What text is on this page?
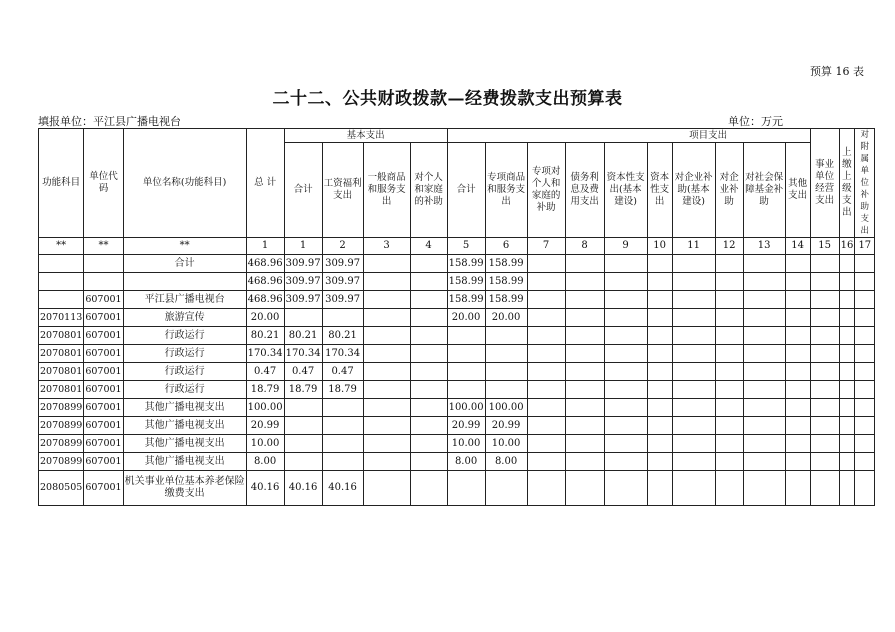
预算 16 表
二十二、公共财政拨款—经费拨款支出预算表
填报单位：平江县广播电视台	单位：万元
功能科目	单位代码	单位名称(功能科目)	总 计	基本支出				项目支出										事业单位经营支出	上缴上级支出	对附属单位补助支出

				合计	工资福利支出	一般商品和服务支出	对个人和家庭的补助	合计	专项商品和服务支出	专项对个人和家庭的补助	债务利息及费用支出	资本性支出(基本建设)	资本性支出	对企业补助(基本建设)	对企业补助	对社会保障基金补助	其他支出			
**	**	**	1	1	2	3	4	5	6	7	8	9	10	11	12	13	14	15	16	17
		合计	468.96	309.97	309.97			158.99	158.99											
			468.96	309.97	309.97			158.99	158.99											
	607001	平江县广播电视台	468.96	309.97	309.97			158.99	158.99											
2070113	607001	旅游宣传	20.00					20.00	20.00											
2070801	607001	行政运行	80.21	80.21	80.21															
2070801	607001	行政运行	170.34	170.34	170.34															
2070801	607001	行政运行	0.47	0.47	0.47															
2070801	607001	行政运行	18.79	18.79	18.79															
2070899	607001	其他广播电视支出	100.00					100.00	100.00											
2070899	607001	其他广播电视支出	20.99					20.99	20.99											
2070899	607001	其他广播电视支出	10.00					10.00	10.00											
2070899	607001	其他广播电视支出	8.00					8.00	8.00											
2080505	607001	机关事业单位基本养老保险缴费支出	40.16	40.16	40.16															
